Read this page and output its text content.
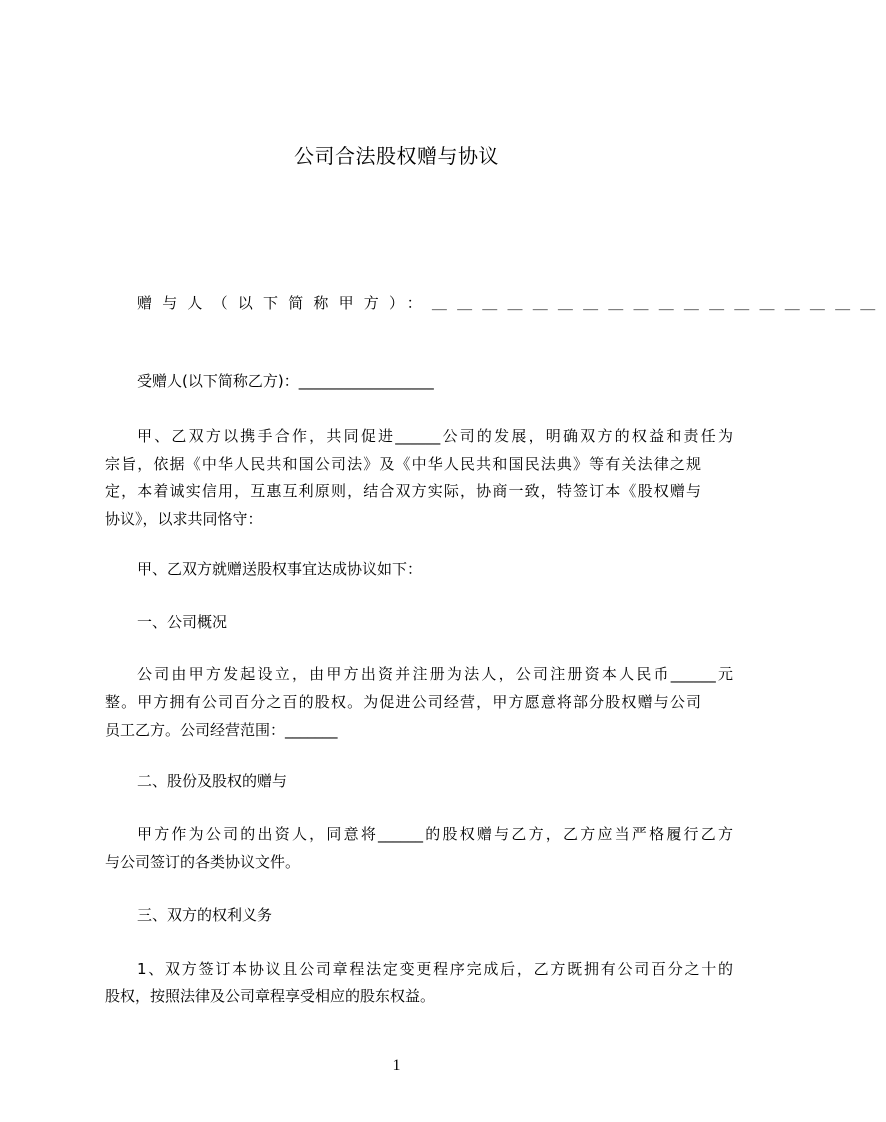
公司合法股权赠与协议
赠与人（以下简称甲方）：＿＿＿＿＿＿＿＿＿＿＿＿＿＿＿＿＿＿
受赠人(以下简称乙方)：__________________
甲、乙双方以携手合作，共同促进______公司的发展，明确双方的权益和责任为
宗旨，依据《中华人民共和国公司法》及《中华人民共和国民法典》等有关法律之规
定，本着诚实信用，互惠互利原则，结合双方实际，协商一致，特签订本《股权赠与
协议》，以求共同恪守：
甲、乙双方就赠送股权事宜达成协议如下：
一、公司概况
公司由甲方发起设立，由甲方出资并注册为法人，公司注册资本人民币______元
整。甲方拥有公司百分之百的股权。为促进公司经营，甲方愿意将部分股权赠与公司
员工乙方。公司经营范围：_______
二、股份及股权的赠与
甲方作为公司的出资人，同意将______的股权赠与乙方，乙方应当严格履行乙方
与公司签订的各类协议文件。
三、双方的权利义务
1、双方签订本协议且公司章程法定变更程序完成后，乙方既拥有公司百分之十的
股权，按照法律及公司章程享受相应的股东权益。
1
